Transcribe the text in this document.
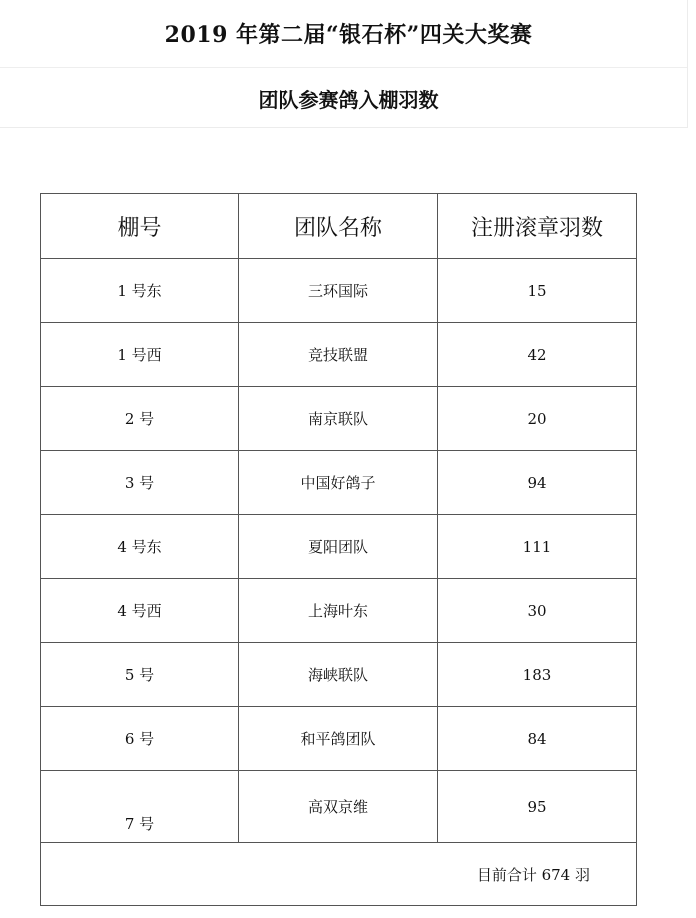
2019 年第二届“银石杯”四关大奖赛
团队参赛鸽入棚羽数
棚号	团队名称	注册滚章羽数
1 号东	三环国际	15
1 号西	竞技联盟	42
2 号	南京联队	20
3 号	中国好鸽子	94
4 号东	夏阳团队	111
4 号西	上海叶东	30
5 号	海峡联队	183
6 号	和平鸽团队	84
7 号	高双京维	95
目前合计 674 羽		
